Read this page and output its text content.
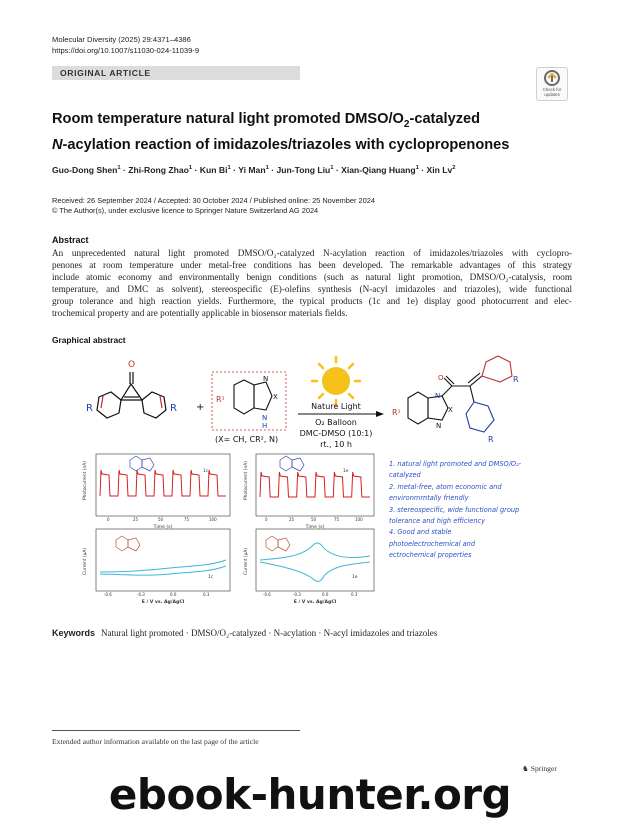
Molecular Diversity (2025) 29:4371–4386
https://doi.org/10.1007/s11030-024-11039-9
ORIGINAL ARTICLE
Check for
updates
Room temperature natural light promoted DMSO/$O_2$-catalyzed
N-acylation reaction of imidazoles/triazoles with cyclopropenones
Guo-Dong Shen$^1$ · Zhi-Rong Zhao$^1$ · Kun $Bi^1 \cdot Yi$ Man$^1$ · Jun-Tong Liu$^1$ · Xian-Qiang Huang$^1$ · Xin Lv$^2$
Received: 26 September 2024 / Accepted: 30 October 2024 / Published online: 25 November 2024
© The Author(s), under exclusive licence to Springer Nature Switzerland AG 2024
Abstract
An unprecedented natural light promoted DMSO/O₂-catalyzed N-acylation reaction of imidazoles/triazoles with cyclopro-
penones at room temperature under metal-free conditions has been developed. The remarkable advantages of this strategy
include atomic economy and environmentally benign conditions (such as natural light promotion, DMSO/O₂-catalysis, room
temperature, and DMC as solvent), stereospecific (E)-olefins synthesis (N-acyl imidazoles and triazoles), wide functional
group tolerance and high reaction yields. Furthermore, the typical products (1c and 1e) display good photocurrent and elec-
trochemical property and are potentially applicable in biosensor materials fields.
Graphical abstract
O
R	R +
R¹
N
X
N
H
(X= CH, CR², N)
Nature Light
O₂ Balloon
DMC-DMSO (10:1)
rt., 10 h
O
N
X
N
R¹
R
R
Photocurrent (nA)
Time (s)
0	25	50	75	100
1c	Photocurrent (nA)
Time (s)
0	25	50	75	100
1e
Current (μA)
E / V vs. Ag/AgCl
-0.6	-0.3	0.0	0.3
1c
Current (μA)
E / V vs. Ag/AgCl
-0.6	-0.3	0.0	0.3
1e
1. natural light promoted and DMSO/O₂-
catalyzed
2. metal-free, atom economic and
environmrntally friendly
3. stereospecific, wide functional group
tolerance and high efficiency
4. Good and stable
photoelectrochemical and
ectrochemical properties
Keywords Natural light promoted · DMSO/O₂-catalyzed · N-acylation · N-acyl imidazoles and triazoles
Extended author information available on the last page of the article
♞ Springer
ebook-hunter.org
